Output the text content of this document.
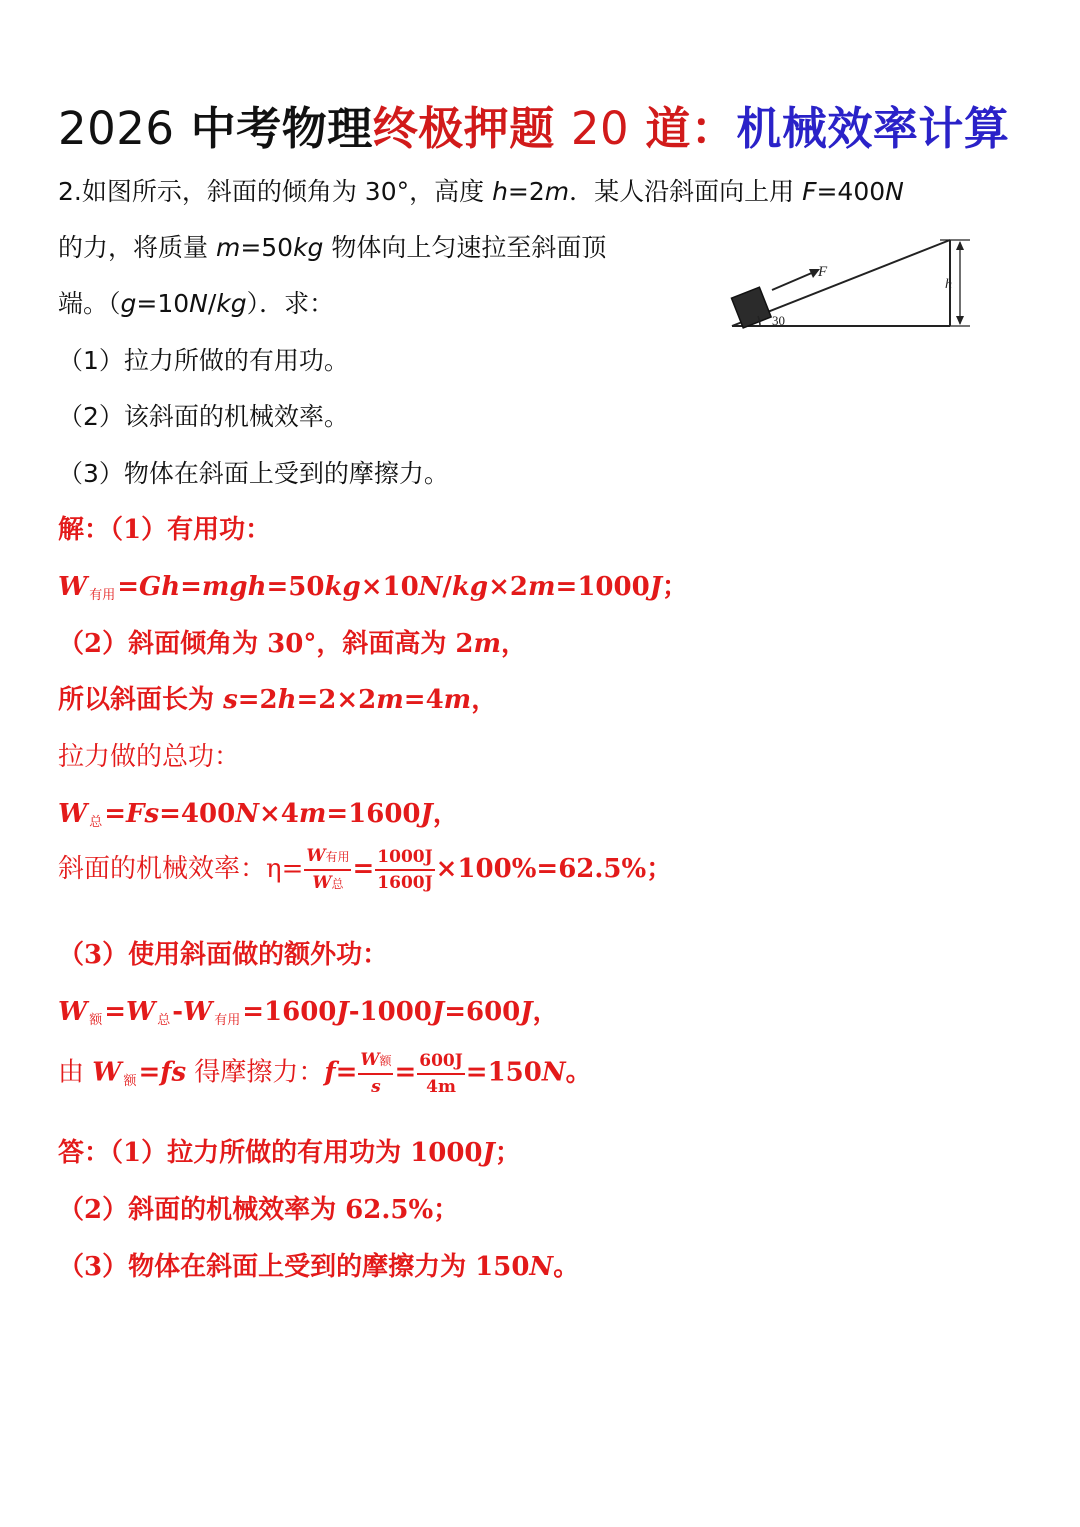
2026 中考物理终极押题 20 道：机械效率计算
2.如图所示，斜面的倾角为 30°，高度 h=2m．某人沿斜面向上用 F=400N
的力，将质量 m=50kg 物体向上匀速拉至斜面顶
端。（g=10N/kg）．求：
（1）拉力所做的有用功。
（2）该斜面的机械效率。
（3）物体在斜面上受到的摩擦力。
F
h
30
解：（1）有用功：
W $_{有用}$=Gh=mgh=50kg×10N/kg×2m=1000J；
（2）斜面倾角为 30°，斜面高为 2m，
所以斜面长为 s=2h=2×2m=4m，
拉力做的总功：
W $_总$=Fs=400N×4m=1600J，
斜面的机械效率：$\eta= \frac{\text{W有用}}{\text{W总}} = \frac{1000J}{1600J} \times 100\%=62.5\%$；
（3）使用斜面做的额外功：
W $_额$=W $_总$-W $_{有用}$=1600J-1000J=600J，
由 W $_额$=fs 得摩擦力：$f= \frac{\text{W额}}{s} = \frac{600J}{4m} =150N$。
答：（1）拉力所做的有用功为 1000J；
（2）斜面的机械效率为 62.5%；
（3）物体在斜面上受到的摩擦力为 150N。
